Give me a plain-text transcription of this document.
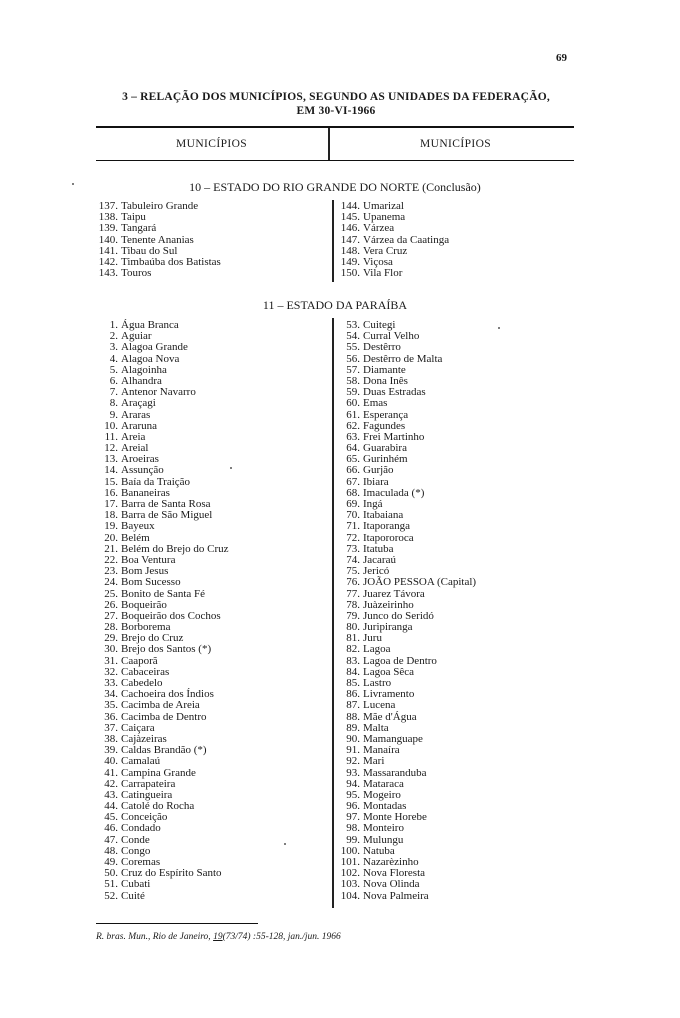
69
3 – RELAÇÃO DOS MUNICÍPIOS, SEGUNDO AS UNIDADES DA FEDERAÇÃO,
EM 30-VI-1966
MUNICÍPIOS	MUNICÍPIOS
10 – ESTADO DO RIO GRANDE DO NORTE (Conclusão)
137. Tabuleiro Grande
138. Taipu
139. Tangará
140. Tenente Ananias
141. Tibau do Sul
142. Timbaúba dos Batistas
143. Touros
144. Umarizal
145. Upanema
146. Várzea
147. Várzea da Caatinga
148. Vera Cruz
149. Viçosa
150. Vila Flor
11 – ESTADO DA PARAÍBA
1. Água Branca
2. Aguiar
3. Alagoa Grande
4. Alagoa Nova
5. Alagoinha
6. Alhandra
7. Antenor Navarro
8. Araçagi
9. Araras
10. Araruna
11. Areia
12. Areial
13. Aroeiras
14. Assunção
15. Baía da Traição
16. Bananeiras
17. Barra de Santa Rosa
18. Barra de São Miguel
19. Bayeux
20. Belém
21. Belém do Brejo do Cruz
22. Boa Ventura
23. Bom Jesus
24. Bom Sucesso
25. Bonito de Santa Fé
26. Boqueirão
27. Boqueirão dos Cochos
28. Borborema
29. Brejo do Cruz
30. Brejo dos Santos (*)
31. Caaporã
32. Cabaceiras
33. Cabedelo
34. Cachoeira dos Índios
35. Cacimba de Areia
36. Cacimba de Dentro
37. Caiçara
38. Cajàzeiras
39. Caldas Brandão (*)
40. Camalaú
41. Campina Grande
42. Carrapateira
43. Catingueira
44. Catolé do Rocha
45. Conceição
46. Condado
47. Conde
48. Congo
49. Coremas
50. Cruz do Espírito Santo
51. Cubati
52. Cuité
53. Cuitegi
54. Curral Velho
55. Destêrro
56. Destêrro de Malta
57. Diamante
58. Dona Inês
59. Duas Estradas
60. Emas
61. Esperança
62. Fagundes
63. Frei Martinho
64. Guarabira
65. Gurinhém
66. Gurjão
67. Ibiara
68. Imaculada (*)
69. Ingá
70. Itabaiana
71. Itaporanga
72. Itapororoca
73. Itatuba
74. Jacaraú
75. Jericó
76. JOÃO PESSOA (Capital)
77. Juarez Távora
78. Juàzeirinho
79. Junco do Seridó
80. Juripiranga
81. Juru
82. Lagoa
83. Lagoa de Dentro
84. Lagoa Sêca
85. Lastro
86. Livramento
87. Lucena
88. Mãe d'Água
89. Malta
90. Mamanguape
91. Manaíra
92. Mari
93. Massaranduba
94. Mataraca
95. Mogeiro
96. Montadas
97. Monte Horebe
98. Monteiro
99. Mulungu
100. Natuba
101. Nazarèzinho
102. Nova Floresta
103. Nova Olinda
104. Nova Palmeira
R. bras. Mun., Rio de Janeiro, 19(73/74) :55-128, jan./jun. 1966
